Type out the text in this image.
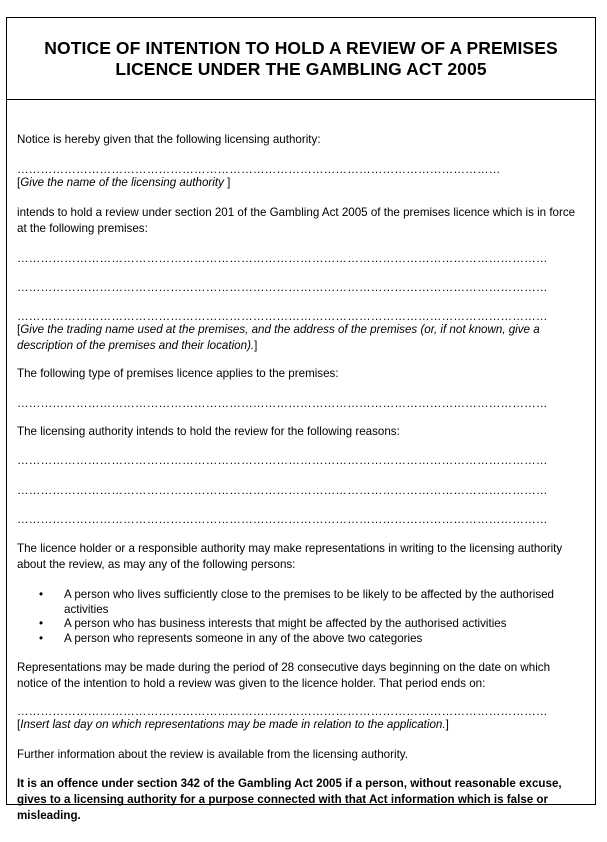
NOTICE OF INTENTION TO HOLD A REVIEW OF A PREMISES LICENCE UNDER THE GAMBLING ACT 2005
Notice is hereby given that the following licensing authority:
……………………………………………………………………………………………………………
[Give the name of the licensing authority ]
intends to hold a review under section 201 of the Gambling Act 2005 of the premises licence which is in force at the following premises:
………………………………………………………………………………………………………………………
………………………………………………………………………………………………………………………
………………………………………………………………………………………………………………………
[Give the trading name used at the premises, and the address of the premises (or, if not known, give a description of the premises and their location).]
The following type of premises licence applies to the premises:
………………………………………………………………………………………………………………………
The licensing authority intends to hold the review for the following reasons:
………………………………………………………………………………………………………………………
………………………………………………………………………………………………………………………
………………………………………………………………………………………………………………………
The licence holder or a responsible authority may make representations in writing to the licensing authority about the review, as may any of the following persons:
• A person who lives sufficiently close to the premises to be likely to be affected by the authorised activities
• A person who has business interests that might be affected by the authorised activities
• A person who represents someone in any of the above two categories
Representations may be made during the period of 28 consecutive days beginning on the date on which notice of the intention to hold a review was given to the licence holder. That period ends on:
………………………………………………………………………………………………………………………
[Insert last day on which representations may be made in relation to the application.]
Further information about the review is available from the licensing authority.
It is an offence under section 342 of the Gambling Act 2005 if a person, without reasonable excuse, gives to a licensing authority for a purpose connected with that Act information which is false or misleading.
